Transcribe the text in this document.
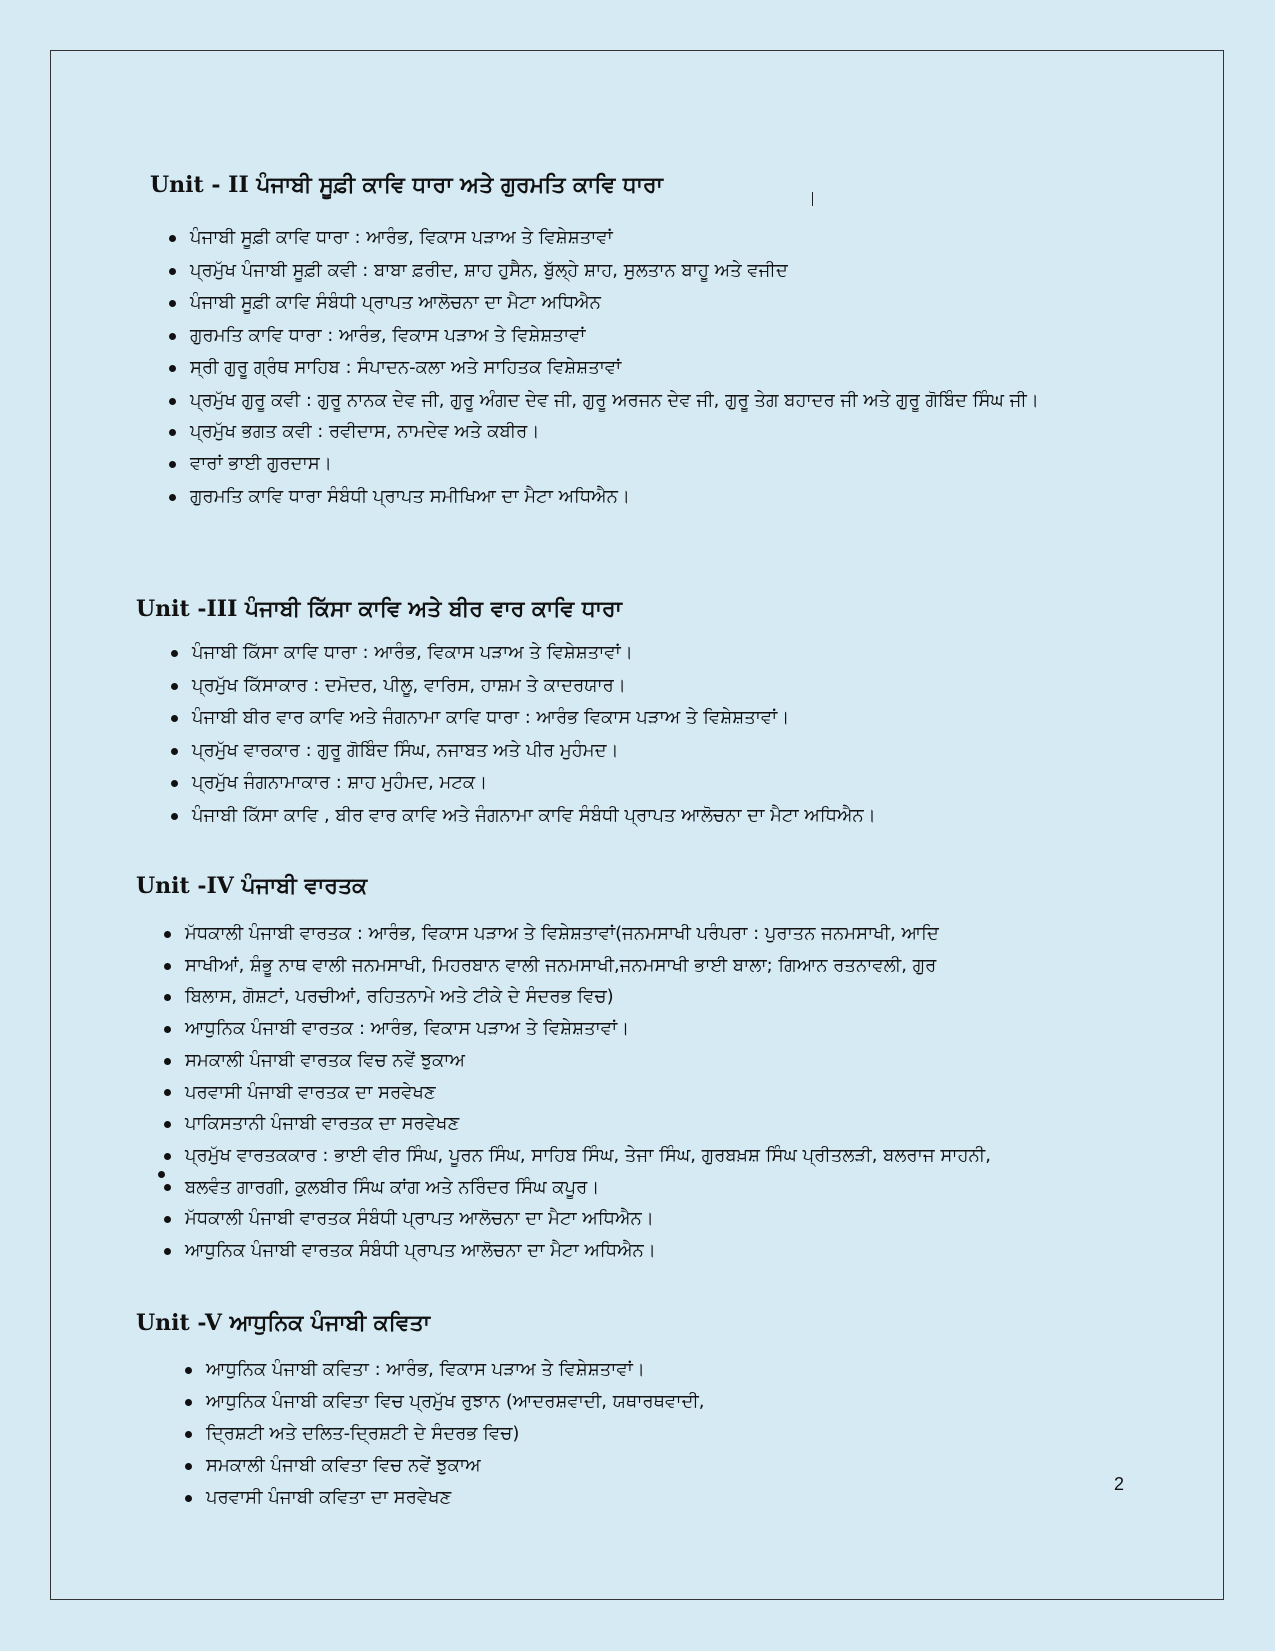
Unit - II ਪੰਜਾਬੀ ਸੂਫ਼ੀ ਕਾਵਿ ਧਾਰਾ ਅਤੇ ਗੁਰਮਤਿ ਕਾਵਿ ਧਾਰਾ
ਪੰਜਾਬੀ ਸੂਫ਼ੀ ਕਾਵਿ ਧਾਰਾ : ਆਰੰਭ, ਵਿਕਾਸ ਪੜਾਅ ਤੇ ਵਿਸ਼ੇਸ਼ਤਾਵਾਂ
ਪ੍ਰਮੁੱਖ ਪੰਜਾਬੀ ਸੂਫ਼ੀ ਕਵੀ : ਬਾਬਾ ਫ਼ਰੀਦ, ਸ਼ਾਹ ਹੁਸੈਨ, ਬੁੱਲ੍ਹੇ ਸ਼ਾਹ, ਸੁਲਤਾਨ ਬਾਹੂ ਅਤੇ ਵਜੀਦ
ਪੰਜਾਬੀ ਸੂਫ਼ੀ ਕਾਵਿ ਸੰਬੰਧੀ ਪ੍ਰਾਪਤ ਆਲੋਚਨਾ ਦਾ ਮੈਟਾ ਅਧਿਐਨ
ਗੁਰਮਤਿ ਕਾਵਿ ਧਾਰਾ : ਆਰੰਭ, ਵਿਕਾਸ ਪੜਾਅ ਤੇ ਵਿਸ਼ੇਸ਼ਤਾਵਾਂ
ਸ੍ਰੀ ਗੁਰੂ ਗ੍ਰੰਥ ਸਾਹਿਬ : ਸੰਪਾਦਨ-ਕਲਾ ਅਤੇ ਸਾਹਿਤਕ ਵਿਸ਼ੇਸ਼ਤਾਵਾਂ
ਪ੍ਰਮੁੱਖ ਗੁਰੂ ਕਵੀ : ਗੁਰੂ ਨਾਨਕ ਦੇਵ ਜੀ, ਗੁਰੂ ਅੰਗਦ ਦੇਵ ਜੀ, ਗੁਰੂ ਅਰਜਨ ਦੇਵ ਜੀ, ਗੁਰੂ ਤੇਗ ਬਹਾਦਰ ਜੀ ਅਤੇ ਗੁਰੂ ਗੋਬਿੰਦ ਸਿੰਘ ਜੀ।
ਪ੍ਰਮੁੱਖ ਭਗਤ ਕਵੀ : ਰਵੀਦਾਸ, ਨਾਮਦੇਵ ਅਤੇ ਕਬੀਰ।
ਵਾਰਾਂ ਭਾਈ ਗੁਰਦਾਸ।
ਗੁਰਮਤਿ ਕਾਵਿ ਧਾਰਾ ਸੰਬੰਧੀ ਪ੍ਰਾਪਤ ਸਮੀਖਿਆ ਦਾ ਮੈਟਾ ਅਧਿਐਨ।
Unit -III ਪੰਜਾਬੀ ਕਿੱਸਾ ਕਾਵਿ ਅਤੇ ਬੀਰ ਵਾਰ ਕਾਵਿ ਧਾਰਾ
ਪੰਜਾਬੀ ਕਿੱਸਾ ਕਾਵਿ ਧਾਰਾ : ਆਰੰਭ, ਵਿਕਾਸ ਪੜਾਅ ਤੇ ਵਿਸ਼ੇਸ਼ਤਾਵਾਂ।
ਪ੍ਰਮੁੱਖ ਕਿੱਸਾਕਾਰ : ਦਮੋਦਰ, ਪੀਲੂ, ਵਾਰਿਸ, ਹਾਸ਼ਮ ਤੇ ਕਾਦਰਯਾਰ।
ਪੰਜਾਬੀ ਬੀਰ ਵਾਰ ਕਾਵਿ ਅਤੇ ਜੰਗਨਾਮਾ ਕਾਵਿ ਧਾਰਾ : ਆਰੰਭ ਵਿਕਾਸ ਪੜਾਅ ਤੇ ਵਿਸ਼ੇਸ਼ਤਾਵਾਂ।
ਪ੍ਰਮੁੱਖ ਵਾਰਕਾਰ : ਗੁਰੂ ਗੋਬਿੰਦ ਸਿੰਘ, ਨਜਾਬਤ ਅਤੇ ਪੀਰ ਮੁਹੰਮਦ।
ਪ੍ਰਮੁੱਖ ਜੰਗਨਾਮਾਕਾਰ : ਸ਼ਾਹ ਮੁਹੰਮਦ, ਮਟਕ।
ਪੰਜਾਬੀ ਕਿੱਸਾ ਕਾਵਿ , ਬੀਰ ਵਾਰ ਕਾਵਿ ਅਤੇ ਜੰਗਨਾਮਾ ਕਾਵਿ ਸੰਬੰਧੀ ਪ੍ਰਾਪਤ ਆਲੋਚਨਾ ਦਾ ਮੈਟਾ ਅਧਿਐਨ।
Unit -IV ਪੰਜਾਬੀ ਵਾਰਤਕ
ਮੱਧਕਾਲੀ ਪੰਜਾਬੀ ਵਾਰਤਕ : ਆਰੰਭ, ਵਿਕਾਸ ਪੜਾਅ ਤੇ ਵਿਸ਼ੇਸ਼ਤਾਵਾਂ(ਜਨਮਸਾਖੀ ਪਰੰਪਰਾ : ਪੁਰਾਤਨ ਜਨਮਸਾਖੀ, ਆਦਿ
ਸਾਖੀਆਂ, ਸ਼ੰਭੂ ਨਾਥ ਵਾਲੀ ਜਨਮਸਾਖੀ, ਮਿਹਰਬਾਨ ਵਾਲੀ ਜਨਮਸਾਖੀ,ਜਨਮਸਾਖੀ ਭਾਈ ਬਾਲਾ; ਗਿਆਨ ਰਤਨਾਵਲੀ, ਗੁਰ
ਬਿਲਾਸ, ਗੋਸ਼ਟਾਂ, ਪਰਚੀਆਂ, ਰਹਿਤਨਾਮੇ ਅਤੇ ਟੀਕੇ ਦੇ ਸੰਦਰਭ ਵਿਚ)
ਆਧੁਨਿਕ ਪੰਜਾਬੀ ਵਾਰਤਕ : ਆਰੰਭ, ਵਿਕਾਸ ਪੜਾਅ ਤੇ ਵਿਸ਼ੇਸ਼ਤਾਵਾਂ।
ਸਮਕਾਲੀ ਪੰਜਾਬੀ ਵਾਰਤਕ ਵਿਚ ਨਵੇਂ ਝੁਕਾਅ
ਪਰਵਾਸੀ ਪੰਜਾਬੀ ਵਾਰਤਕ ਦਾ ਸਰਵੇਖਣ
ਪਾਕਿਸਤਾਨੀ ਪੰਜਾਬੀ ਵਾਰਤਕ ਦਾ ਸਰਵੇਖਣ
ਪ੍ਰਮੁੱਖ ਵਾਰਤਕਕਾਰ : ਭਾਈ ਵੀਰ ਸਿੰਘ, ਪੂਰਨ ਸਿੰਘ, ਸਾਹਿਬ ਸਿੰਘ, ਤੇਜਾ ਸਿੰਘ, ਗੁਰਬਖ਼ਸ਼ ਸਿੰਘ ਪ੍ਰੀਤਲੜੀ, ਬਲਰਾਜ ਸਾਹਨੀ,
ਬਲਵੰਤ ਗਾਰਗੀ, ਕੁਲਬੀਰ ਸਿੰਘ ਕਾਂਗ ਅਤੇ ਨਰਿੰਦਰ ਸਿੰਘ ਕਪੂਰ।
ਮੱਧਕਾਲੀ ਪੰਜਾਬੀ ਵਾਰਤਕ ਸੰਬੰਧੀ ਪ੍ਰਾਪਤ ਆਲੋਚਨਾ ਦਾ ਮੈਟਾ ਅਧਿਐਨ।
ਆਧੁਨਿਕ ਪੰਜਾਬੀ ਵਾਰਤਕ ਸੰਬੰਧੀ ਪ੍ਰਾਪਤ ਆਲੋਚਨਾ ਦਾ ਮੈਟਾ ਅਧਿਐਨ।
Unit -V ਆਧੁਨਿਕ ਪੰਜਾਬੀ ਕਵਿਤਾ
ਆਧੁਨਿਕ ਪੰਜਾਬੀ ਕਵਿਤਾ : ਆਰੰਭ, ਵਿਕਾਸ ਪੜਾਅ ਤੇ ਵਿਸ਼ੇਸ਼ਤਾਵਾਂ।
ਆਧੁਨਿਕ ਪੰਜਾਬੀ ਕਵਿਤਾ ਵਿਚ ਪ੍ਰਮੁੱਖ ਰੁਝਾਨ (ਆਦਰਸ਼ਵਾਦੀ, ਯਥਾਰਥਵਾਦੀ,
ਦ੍ਰਿਸ਼ਟੀ ਅਤੇ ਦਲਿਤ-ਦ੍ਰਿਸ਼ਟੀ ਦੇ ਸੰਦਰਭ ਵਿਚ)
ਸਮਕਾਲੀ ਪੰਜਾਬੀ ਕਵਿਤਾ ਵਿਚ ਨਵੇਂ ਝੁਕਾਅ
ਪਰਵਾਸੀ ਪੰਜਾਬੀ ਕਵਿਤਾ ਦਾ ਸਰਵੇਖਣ
2
